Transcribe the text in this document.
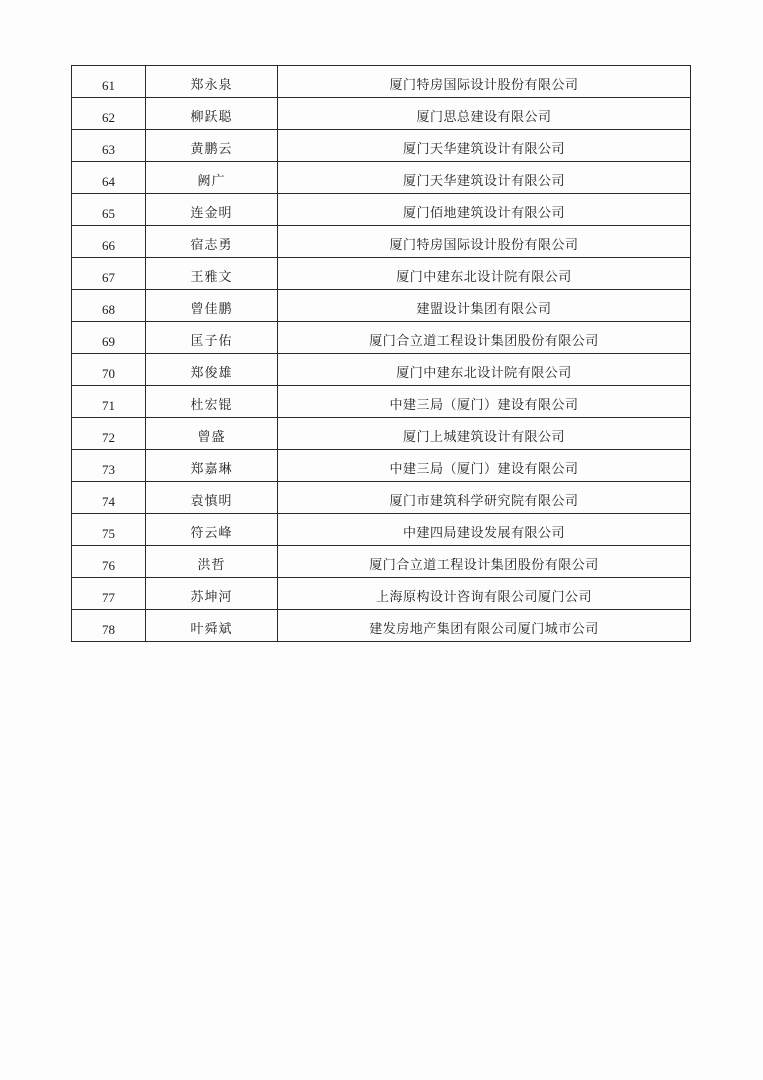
61	郑永泉	厦门特房国际设计股份有限公司
62	柳跃聪	厦门思总建设有限公司
63	黄鹏云	厦门天华建筑设计有限公司
64	阙广	厦门天华建筑设计有限公司
65	连金明	厦门佰地建筑设计有限公司
66	宿志勇	厦门特房国际设计股份有限公司
67	王雅文	厦门中建东北设计院有限公司
68	曾佳鹏	建盟设计集团有限公司
69	匡子佑	厦门合立道工程设计集团股份有限公司
70	郑俊雄	厦门中建东北设计院有限公司
71	杜宏锟	中建三局（厦门）建设有限公司
72	曾盛	厦门上城建筑设计有限公司
73	郑嘉琳	中建三局（厦门）建设有限公司
74	袁慎明	厦门市建筑科学研究院有限公司
75	符云峰	中建四局建设发展有限公司
76	洪哲	厦门合立道工程设计集团股份有限公司
77	苏坤河	上海原构设计咨询有限公司厦门公司
78	叶舜斌	建发房地产集团有限公司厦门城市公司
